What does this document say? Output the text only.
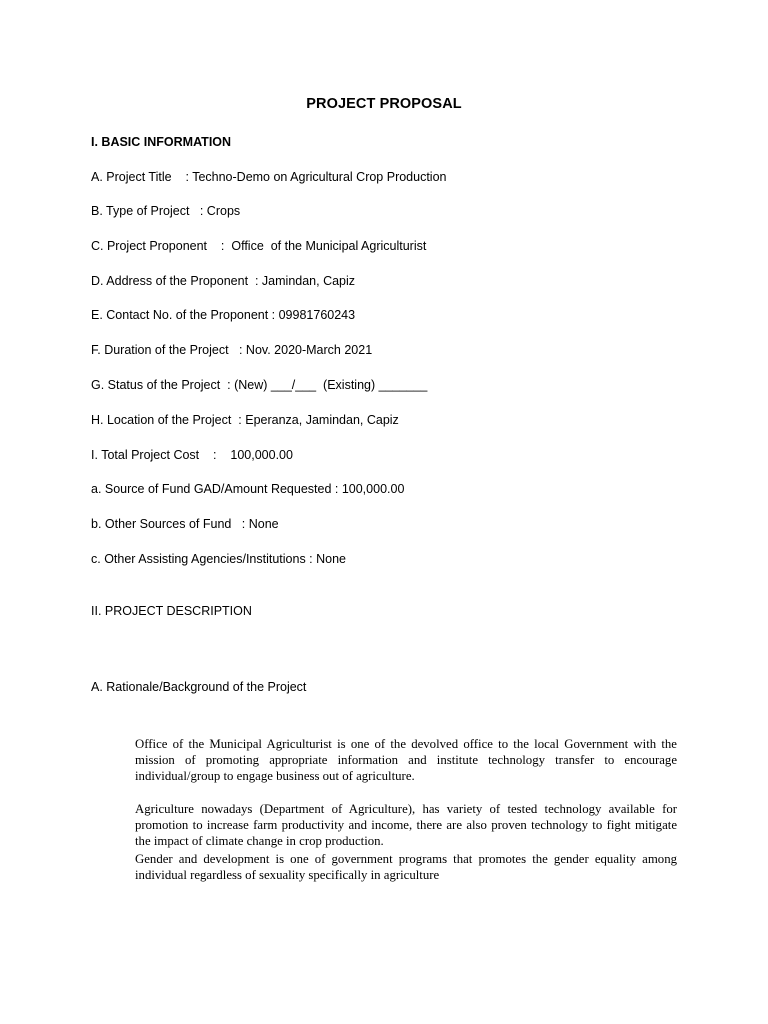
PROJECT PROPOSAL
I. BASIC INFORMATION
A. Project Title    : Techno-Demo on Agricultural Crop Production
B. Type of Project   : Crops
C. Project Proponent    :  Office  of the Municipal Agriculturist
D. Address of the Proponent  : Jamindan, Capiz
E. Contact No. of the Proponent : 09981760243
F. Duration of the Project   : Nov. 2020-March 2021
G. Status of the Project  : (New) ___/___  (Existing) _______
H. Location of the Project  : Eperanza, Jamindan, Capiz
I. Total Project Cost    :    100,000.00
a. Source of Fund GAD/Amount Requested : 100,000.00
b. Other Sources of Fund   : None
c. Other Assisting Agencies/Institutions : None
II. PROJECT DESCRIPTION
A. Rationale/Background of the Project
Office of the Municipal Agriculturist is one of the devolved office to the local Government with the mission of promoting appropriate information and institute technology transfer to encourage individual/group to engage business out of agriculture.
Agriculture nowadays (Department of Agriculture), has variety of tested technology available for promotion to increase farm productivity and income, there are also proven technology to fight mitigate the impact of climate change in crop production.
Gender and development is one of government programs that promotes the gender equality among individual regardless of sexuality specifically in agriculture
